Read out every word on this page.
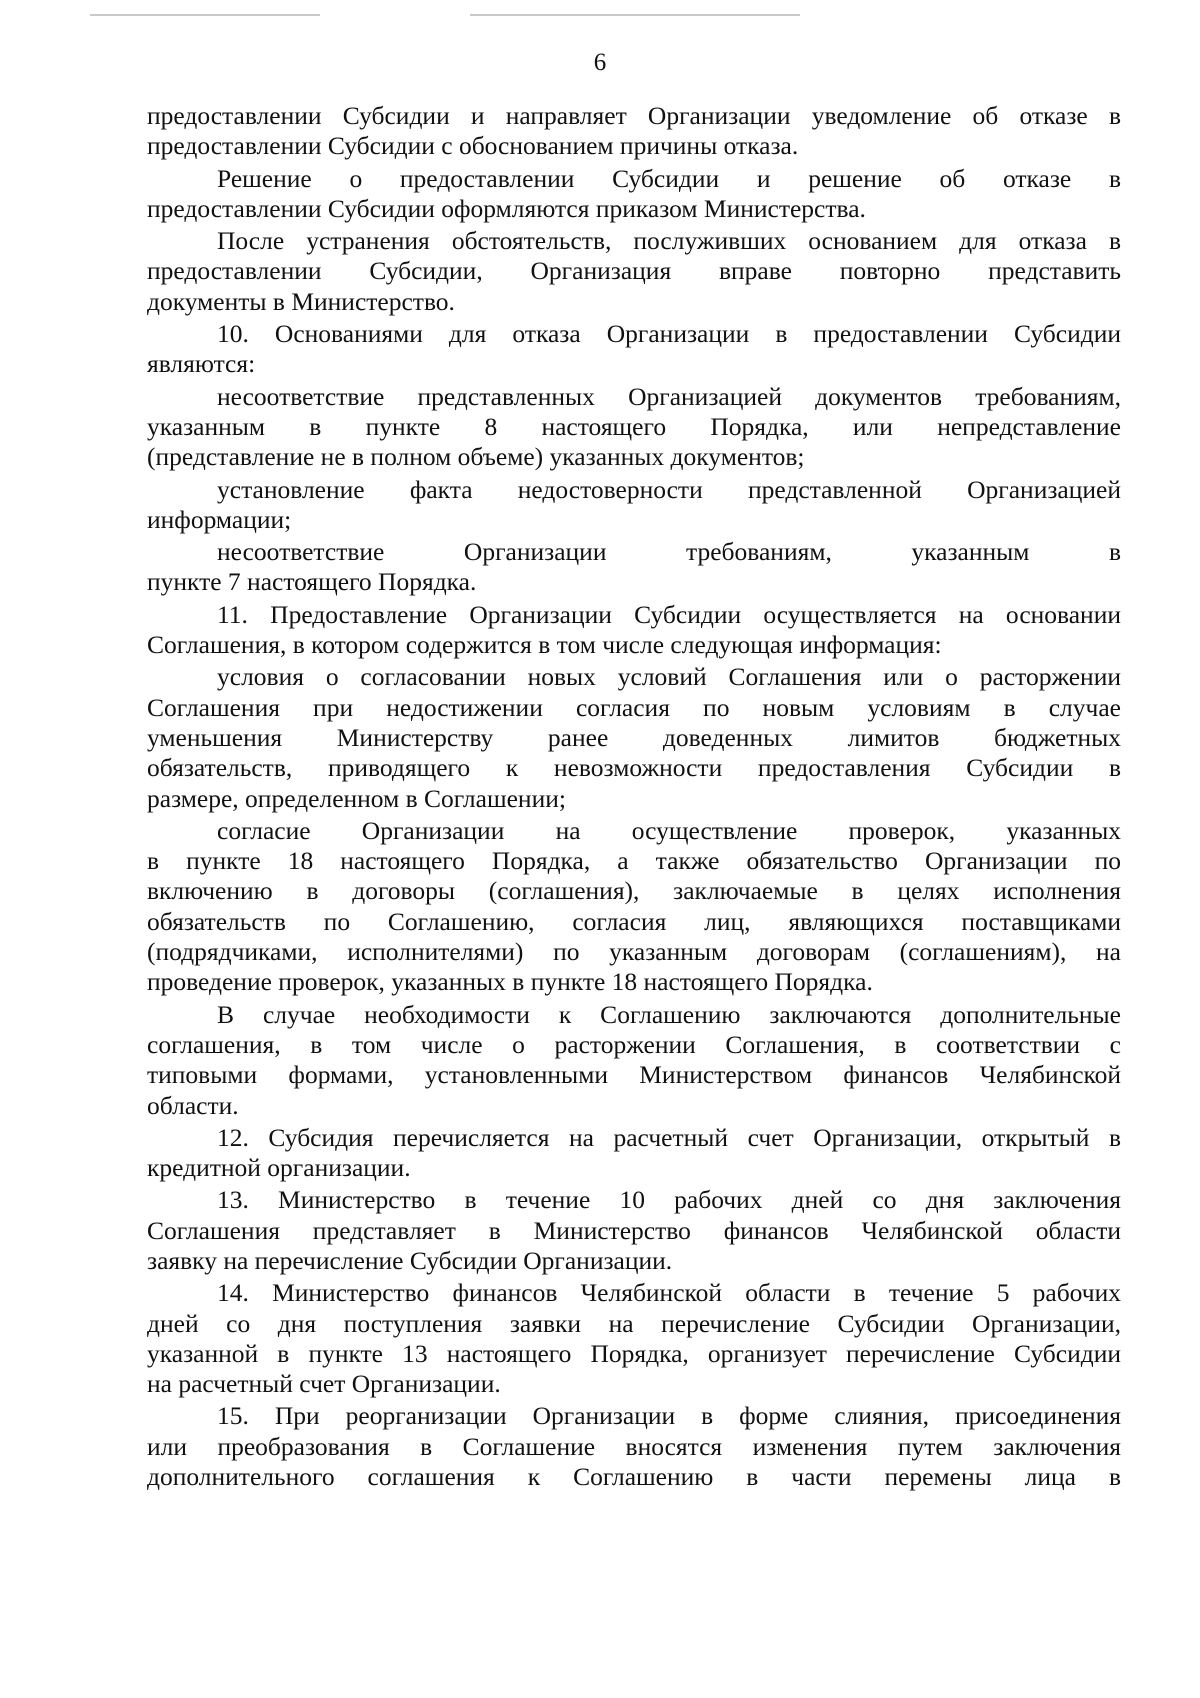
6
предоставлении Субсидии и направляет Организации уведомление об отказе в
предоставлении Субсидии с обоснованием причины отказа.
Решение о предоставлении Субсидии и решение об отказе в
предоставлении Субсидии оформляются приказом Министерства.
После устранения обстоятельств, послуживших основанием для отказа в
предоставлении Субсидии, Организация вправе повторно представить
документы в Министерство.
10. Основаниями для отказа Организации в предоставлении Субсидии
являются:
несоответствие представленных Организацией документов требованиям,
указанным в пункте 8 настоящего Порядка, или непредставление
(представление не в полном объеме) указанных документов;
установление факта недостоверности представленной Организацией
информации;
несоответствие Организации требованиям, указанным в
пункте 7 настоящего Порядка.
11. Предоставление Организации Субсидии осуществляется на основании
Соглашения, в котором содержится в том числе следующая информация:
условия о согласовании новых условий Соглашения или о расторжении
Соглашения при недостижении согласия по новым условиям в случае
уменьшения Министерству ранее доведенных лимитов бюджетных
обязательств, приводящего к невозможности предоставления Субсидии в
размере, определенном в Соглашении;
согласие Организации на осуществление проверок, указанных
в пункте 18 настоящего Порядка, а также обязательство Организации по
включению в договоры (соглашения), заключаемые в целях исполнения
обязательств по Соглашению, согласия лиц, являющихся поставщиками
(подрядчиками, исполнителями) по указанным договорам (соглашениям), на
проведение проверок, указанных в пункте 18 настоящего Порядка.
В случае необходимости к Соглашению заключаются дополнительные
соглашения, в том числе о расторжении Соглашения, в соответствии с
типовыми формами, установленными Министерством финансов Челябинской
области.
12. Субсидия перечисляется на расчетный счет Организации, открытый в
кредитной организации.
13. Министерство в течение 10 рабочих дней со дня заключения
Соглашения представляет в Министерство финансов Челябинской области
заявку на перечисление Субсидии Организации.
14. Министерство финансов Челябинской области в течение 5 рабочих
дней со дня поступления заявки на перечисление Субсидии Организации,
указанной в пункте 13 настоящего Порядка, организует перечисление Субсидии
на расчетный счет Организации.
15. При реорганизации Организации в форме слияния, присоединения
или преобразования в Соглашение вносятся изменения путем заключения
дополнительного соглашения к Соглашению в части перемены лица в
